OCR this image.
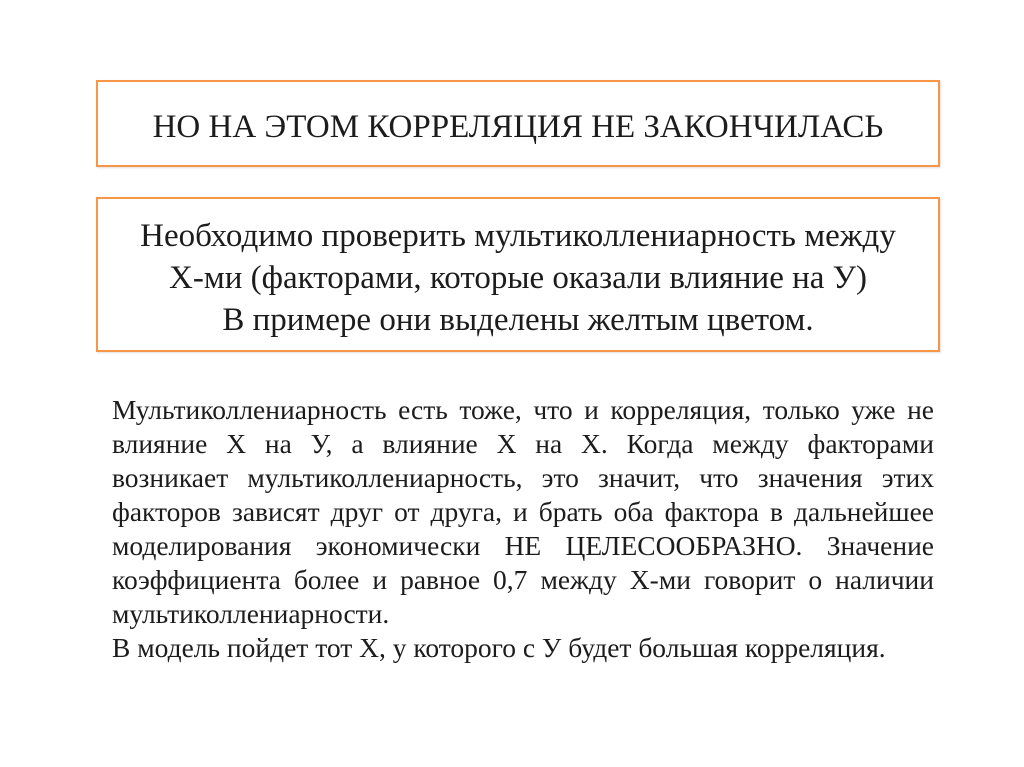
НО НА ЭТОМ КОРРЕЛЯЦИЯ НЕ ЗАКОНЧИЛАСЬ
Необходимо проверить мультиколлениарность между
Х-ми (факторами, которые оказали влияние на У)
В примере они выделены желтым цветом.
Мультиколлениарность есть тоже, что и корреляция, только уже не
влияние Х на У, а влияние Х на Х. Когда между факторами
возникает мультиколлениарность, это значит, что значения этих
факторов зависят друг от друга, и брать оба фактора в дальнейшее
моделирования экономически НЕ ЦЕЛЕСООБРАЗНО. Значение
коэффициента более и равное 0,7 между Х-ми говорит о наличии
мультиколлениарности.
В модель пойдет тот Х, у которого с У будет большая корреляция.
